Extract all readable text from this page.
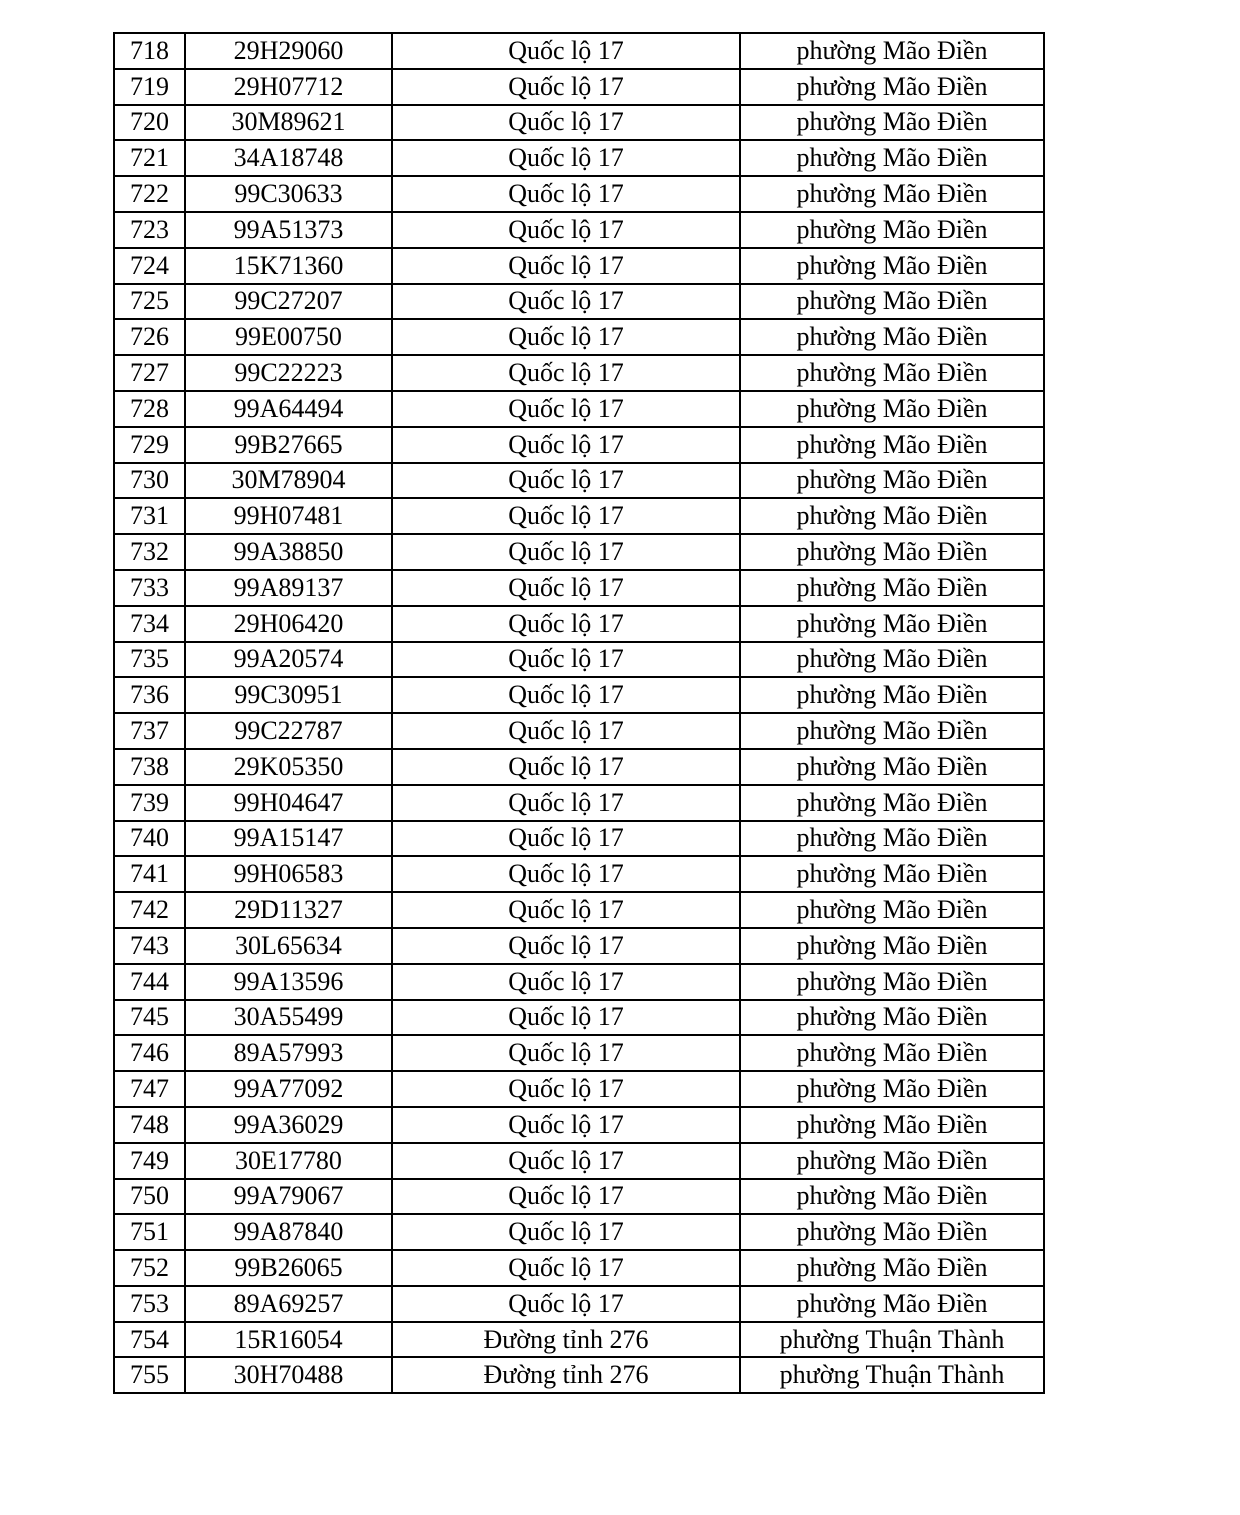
718	29H29060	Quốc lộ 17	phường Mão Điền
719	29H07712	Quốc lộ 17	phường Mão Điền
720	30M89621	Quốc lộ 17	phường Mão Điền
721	34A18748	Quốc lộ 17	phường Mão Điền
722	99C30633	Quốc lộ 17	phường Mão Điền
723	99A51373	Quốc lộ 17	phường Mão Điền
724	15K71360	Quốc lộ 17	phường Mão Điền
725	99C27207	Quốc lộ 17	phường Mão Điền
726	99E00750	Quốc lộ 17	phường Mão Điền
727	99C22223	Quốc lộ 17	phường Mão Điền
728	99A64494	Quốc lộ 17	phường Mão Điền
729	99B27665	Quốc lộ 17	phường Mão Điền
730	30M78904	Quốc lộ 17	phường Mão Điền
731	99H07481	Quốc lộ 17	phường Mão Điền
732	99A38850	Quốc lộ 17	phường Mão Điền
733	99A89137	Quốc lộ 17	phường Mão Điền
734	29H06420	Quốc lộ 17	phường Mão Điền
735	99A20574	Quốc lộ 17	phường Mão Điền
736	99C30951	Quốc lộ 17	phường Mão Điền
737	99C22787	Quốc lộ 17	phường Mão Điền
738	29K05350	Quốc lộ 17	phường Mão Điền
739	99H04647	Quốc lộ 17	phường Mão Điền
740	99A15147	Quốc lộ 17	phường Mão Điền
741	99H06583	Quốc lộ 17	phường Mão Điền
742	29D11327	Quốc lộ 17	phường Mão Điền
743	30L65634	Quốc lộ 17	phường Mão Điền
744	99A13596	Quốc lộ 17	phường Mão Điền
745	30A55499	Quốc lộ 17	phường Mão Điền
746	89A57993	Quốc lộ 17	phường Mão Điền
747	99A77092	Quốc lộ 17	phường Mão Điền
748	99A36029	Quốc lộ 17	phường Mão Điền
749	30E17780	Quốc lộ 17	phường Mão Điền
750	99A79067	Quốc lộ 17	phường Mão Điền
751	99A87840	Quốc lộ 17	phường Mão Điền
752	99B26065	Quốc lộ 17	phường Mão Điền
753	89A69257	Quốc lộ 17	phường Mão Điền
754	15R16054	Đường tỉnh 276	phường Thuận Thành
755	30H70488	Đường tỉnh 276	phường Thuận Thành
